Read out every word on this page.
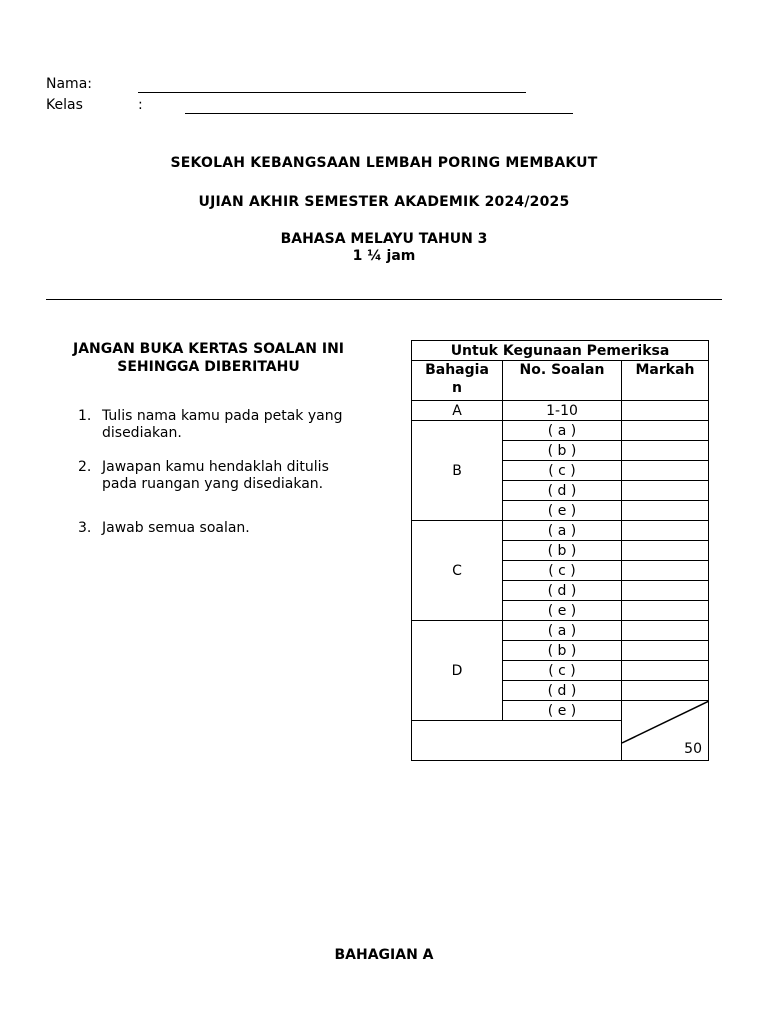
Nama:
Kelas	:
SEKOLAH KEBANGSAAN LEMBAH PORING MEMBAKUT
UJIAN AKHIR SEMESTER AKADEMIK 2024/2025
BAHASA MELAYU TAHUN 3
1 ¼ jam
JANGAN BUKA KERTAS SOALAN INI SEHINGGA DIBERITAHU
1. Tulis nama kamu pada petak yang disediakan.
2. Jawapan kamu hendaklah ditulis pada ruangan yang disediakan.
3. Jawab semua soalan.
Untuk Kegunaan Pemeriksa		
Bahagia n	No. Soalan	Markah
A	1-10	
B	( a )	
	( b )	
	( c )	
	( d )	
	( e )	
C	( a )	
	( b )	
	( c )	
	( d )	
	( e )	
D	( a )	
	( b )	
	( c )	
	( d )	
	( e )	50

BAHAGIAN A
